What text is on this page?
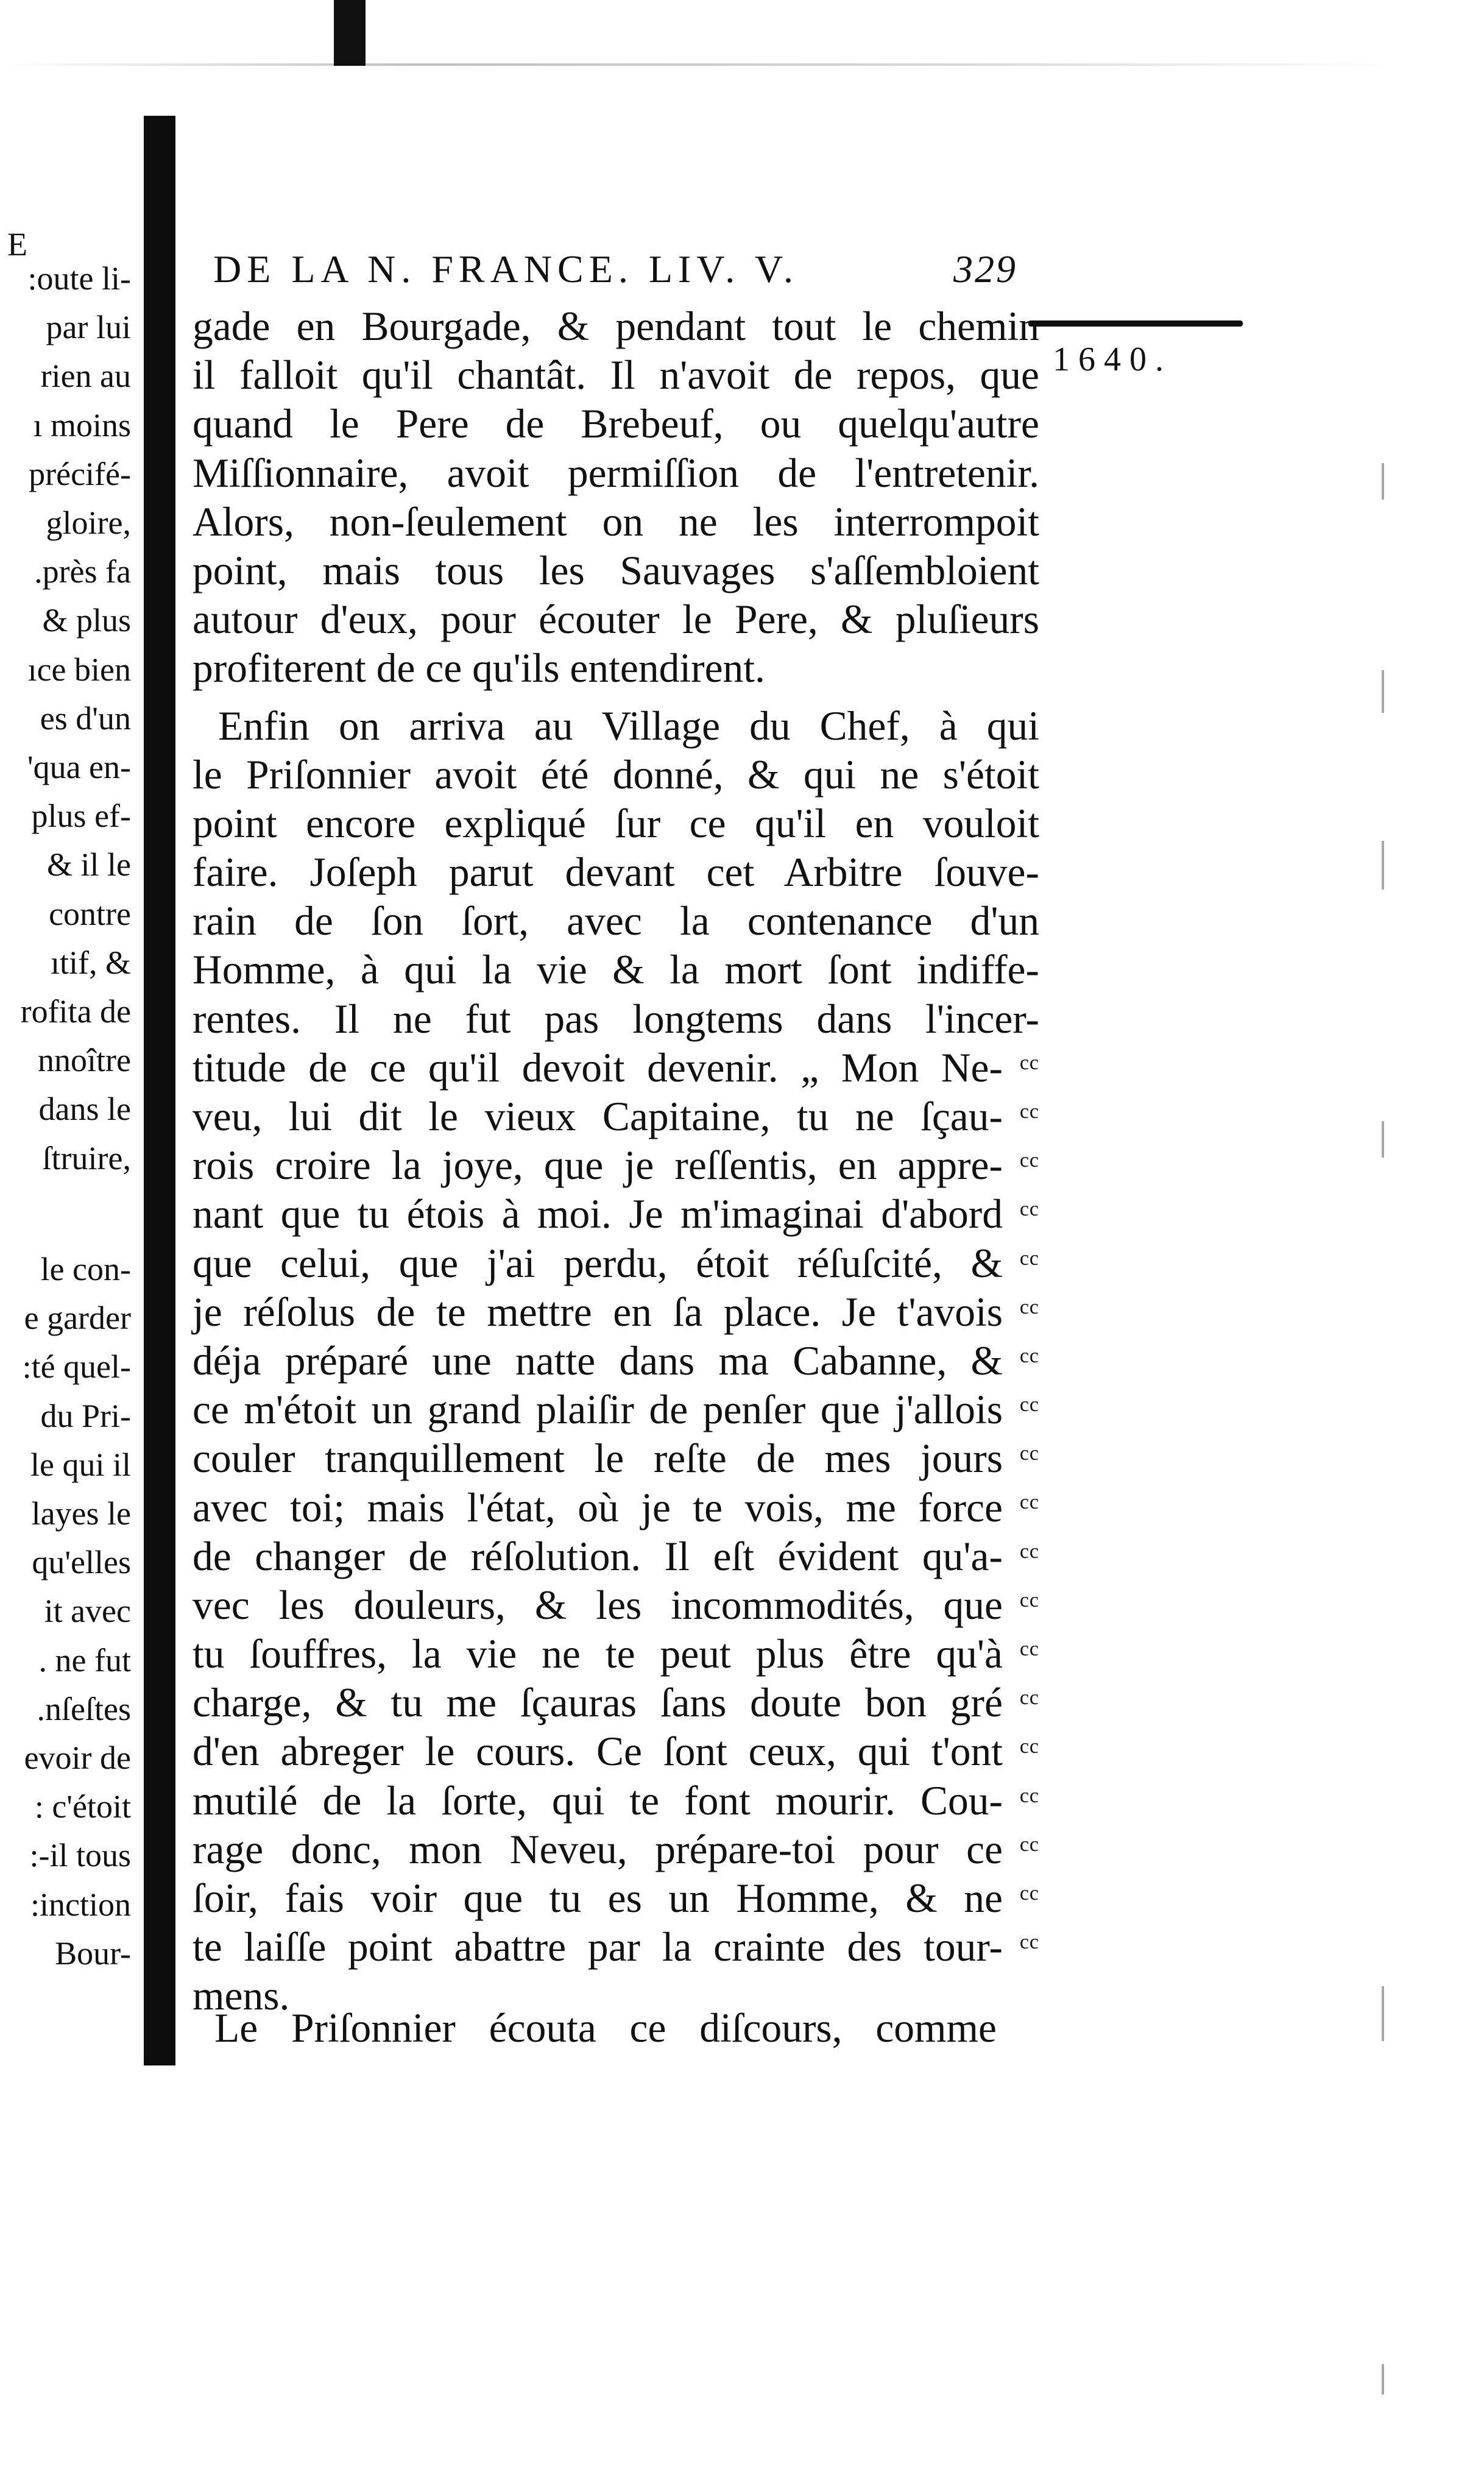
E
:oute li-
par lui
rien au
ı moins
précifé-
gloire,
.près fa
& plus
ıce bien
es d'un
'qua en-
plus ef-
& il le
contre
ıtif, &
rofita de
nnoître
dans le
ſtruire,
le con-
e garder
:té quel-
du Pri-
le qui il
layes le
qu'elles
it avec
. ne fut
.nſeſtes
evoir de
: c'étoit
:-il tous
:inction
Bour-
DE LA N. FRANCE. LIV. V.	329
1640.
gade en Bourgade, & pendant tout le chemin
il falloit qu'il chantât. Il n'avoit de repos, que
quand le Pere de Brebeuf, ou quelqu'autre
Miſſionnaire, avoit permiſſion de l'entretenir.
Alors, non-ſeulement on ne les interrompoit
point, mais tous les Sauvages s'aſſembloient
autour d'eux, pour écouter le Pere, & pluſieurs
profiterent de ce qu'ils entendirent.
Enfin on arriva au Village du Chef, à qui
le Priſonnier avoit été donné, & qui ne s'étoit
point encore expliqué ſur ce qu'il en vouloit
faire. Joſeph parut devant cet Arbitre ſouve-
rain de ſon ſort, avec la contenance d'un
Homme, à qui la vie & la mort ſont indiffe-
rentes. Il ne fut pas longtems dans l'incer-
titude de ce qu'il devoit devenir. „ Mon Ne- cc
veu, lui dit le vieux Capitaine, tu ne ſçau- cc
rois croire la joye, que je reſſentis, en appre- cc
nant que tu étois à moi. Je m'imaginai d'abord cc
que celui, que j'ai perdu, étoit réſuſcité, & cc
je réſolus de te mettre en ſa place. Je t'avois cc
déja préparé une natte dans ma Cabanne, & cc
ce m'étoit un grand plaiſir de penſer que j'allois cc
couler tranquillement le reſte de mes jours cc
avec toi; mais l'état, où je te vois, me force cc
de changer de réſolution. Il eſt évident qu'a- cc
vec les douleurs, & les incommodités, que cc
tu ſouffres, la vie ne te peut plus être qu'à cc
charge, & tu me ſçauras ſans doute bon gré cc
d'en abreger le cours. Ce ſont ceux, qui t'ont cc
mutilé de la ſorte, qui te font mourir. Cou- cc
rage donc, mon Neveu, prépare-toi pour ce cc
ſoir, fais voir que tu es un Homme, & ne cc
te laiſſe point abattre par la crainte des tour- cc
mens.
Le Priſonnier écouta ce diſcours, comme
